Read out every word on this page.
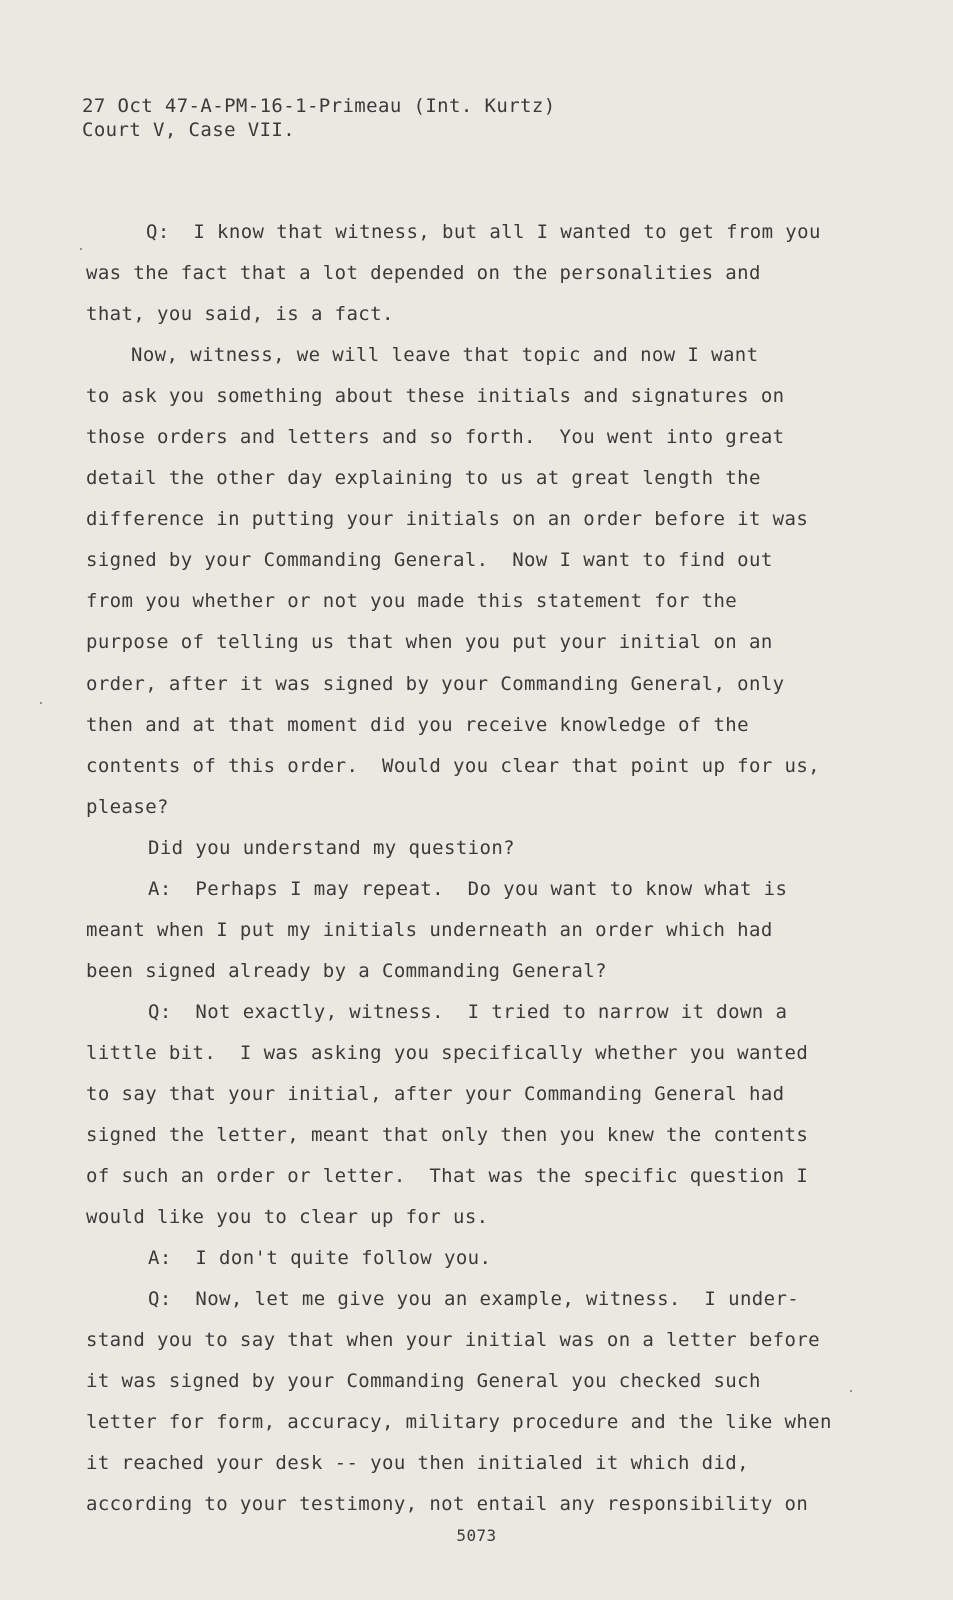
27 Oct 47-A-PM-16-1-Primeau (Int. Kurtz)
Court V, Case VII.
Q:  I know that witness, but all I wanted to get from you
was the fact that a lot depended on the personalities and
that, you said, is a fact.
Now, witness, we will leave that topic and now I want
to ask you something about these initials and signatures on
those orders and letters and so forth.  You went into great
detail the other day explaining to us at great length the
difference in putting your initials on an order before it was
signed by your Commanding General.  Now I want to find out
from you whether or not you made this statement for the
purpose of telling us that when you put your initial on an
order, after it was signed by your Commanding General, only
then and at that moment did you receive knowledge of the
contents of this order.  Would you clear that point up for us,
please?
Did you understand my question?
A:  Perhaps I may repeat.  Do you want to know what is
meant when I put my initials underneath an order which had
been signed already by a Commanding General?
Q:  Not exactly, witness.  I tried to narrow it down a
little bit.  I was asking you specifically whether you wanted
to say that your initial, after your Commanding General had
signed the letter, meant that only then you knew the contents
of such an order or letter.  That was the specific question I
would like you to clear up for us.
A:  I don't quite follow you.
Q:  Now, let me give you an example, witness.  I under-
stand you to say that when your initial was on a letter before
it was signed by your Commanding General you checked such
letter for form, accuracy, military procedure and the like when
it reached your desk -- you then initialed it which did,
according to your testimony, not entail any responsibility on
5073
